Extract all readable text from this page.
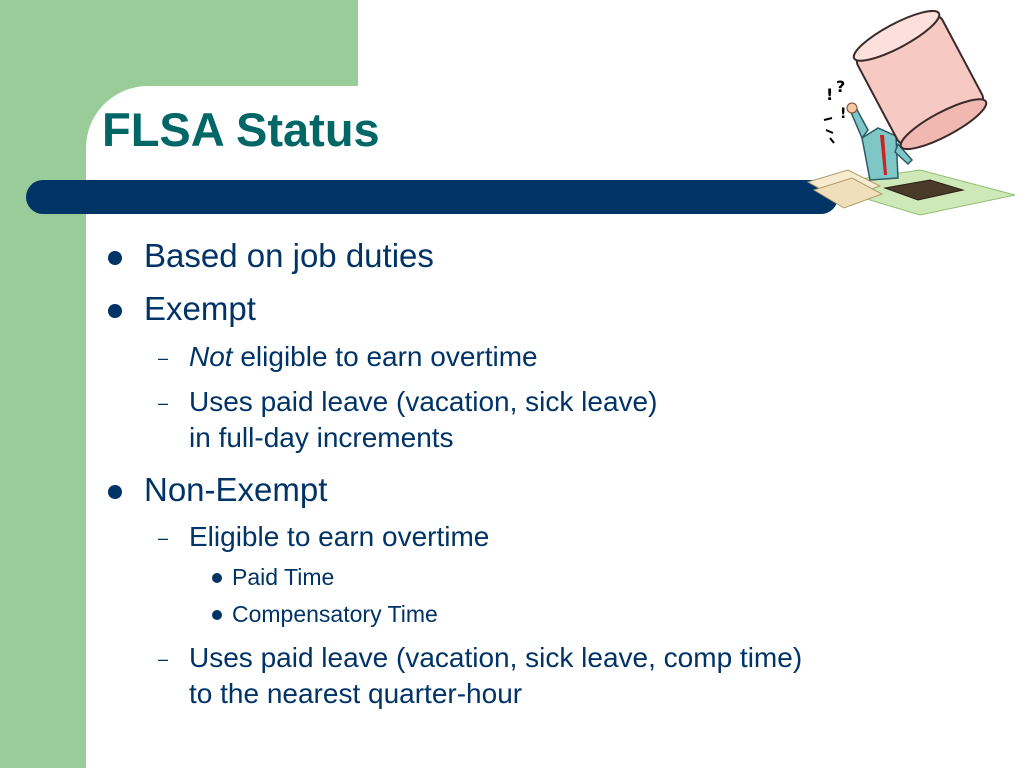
FLSA Status
! ?
!
Based on job duties
Exempt
– Not eligible to earn overtime
– Uses paid leave (vacation, sick leave)
in full-day increments
Non-Exempt
– Eligible to earn overtime
Paid Time
Compensatory Time
– Uses paid leave (vacation, sick leave, comp time)
to the nearest quarter-hour
